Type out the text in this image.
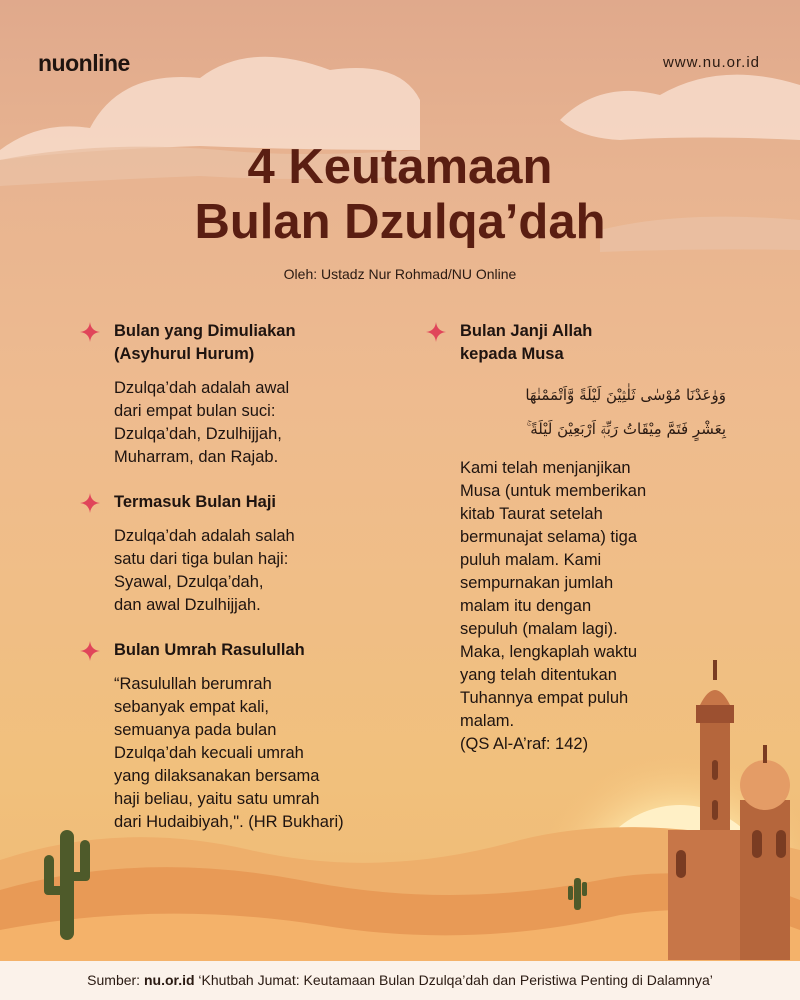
nuonline	www.nu.or.id
4 Keutamaan
Bulan Dzulqa’dah
Oleh: Ustadz Nur Rohmad/NU Online
Bulan yang Dimuliakan
(Asyhurul Hurum)
Dzulqa’dah adalah awal
dari empat bulan suci:
Dzulqa’dah, Dzulhijjah,
Muharram, dan Rajab.
Termasuk Bulan Haji
Dzulqa’dah adalah salah
satu dari tiga bulan haji:
Syawal, Dzulqa’dah,
dan awal Dzulhijjah.
Bulan Umrah Rasulullah
“Rasulullah berumrah
sebanyak empat kali,
semuanya pada bulan
Dzulqa’dah kecuali umrah
yang dilaksanakan bersama
haji beliau, yaitu satu umrah
dari Hudaibiyah,". (HR Bukhari)
Bulan Janji Allah
kepada Musa
وَوٰعَدْنَا مُوْسٰى ثَلٰثِيْنَ لَيْلَةً وَّاَتْمَمْنٰهَا
بِعَشْرٍ فَتَمَّ مِيْقَاتُ رَبِّهٖٓ اَرْبَعِيْنَ لَيْلَةً ۚ
Kami telah menjanjikan
Musa (untuk memberikan
kitab Taurat setelah
bermunajat selama) tiga
puluh malam. Kami
sempurnakan jumlah
malam itu dengan
sepuluh (malam lagi).
Maka, lengkaplah waktu
yang telah ditentukan
Tuhannya empat puluh
malam.
(QS Al-A’raf: 142)
Sumber: nu.or.id ‘Khutbah Jumat: Keutamaan Bulan Dzulqa’dah dan Peristiwa Penting di Dalamnya’
